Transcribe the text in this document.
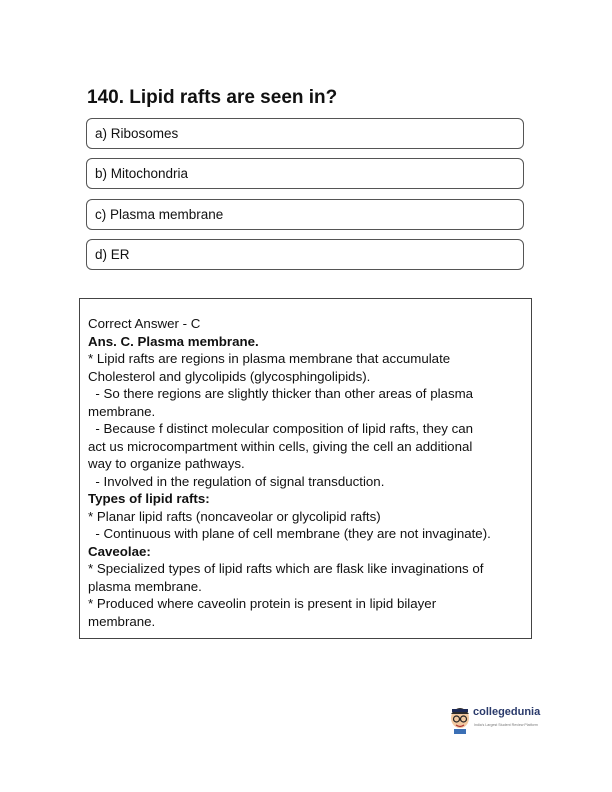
140. Lipid rafts are seen in?
a) Ribosomes
b) Mitochondria
c) Plasma membrane
d) ER
Correct Answer - C
Ans. C. Plasma membrane.
* Lipid rafts are regions in plasma membrane that accumulate
Cholesterol and glycolipids (glycosphingolipids).
- So there regions are slightly thicker than other areas of plasma
membrane.
- Because f distinct molecular composition of lipid rafts, they can
act us microcompartment within cells, giving the cell an additional
way to organize pathways.
- Involved in the regulation of signal transduction.
Types of lipid rafts:
* Planar lipid rafts (noncaveolar or glycolipid rafts)
- Continuous with plane of cell membrane (they are not invaginate).
Caveolae:
* Specialized types of lipid rafts which are flask like invaginations of
plasma membrane.
* Produced where caveolin protein is present in lipid bilayer
membrane.
collegedunia
India's Largest Student Review Platform
